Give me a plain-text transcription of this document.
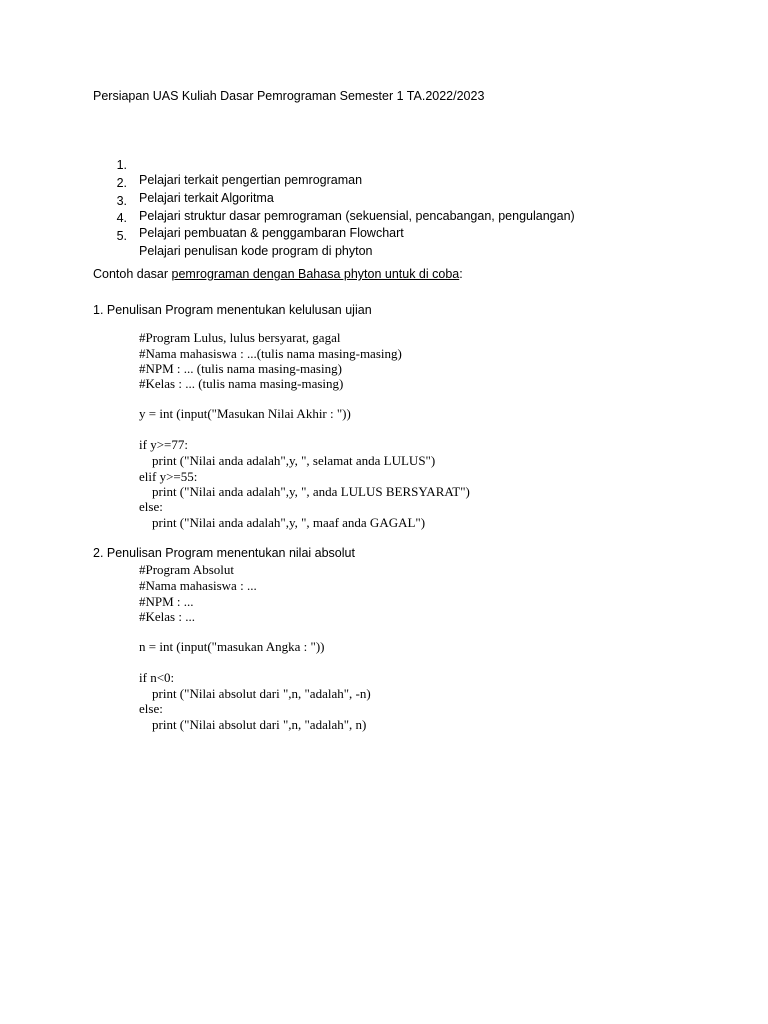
Persiapan UAS Kuliah Dasar Pemrograman Semester 1 TA.2022/2023

1.

Pelajari terkait pengertian pemrograman

2.

Pelajari terkait Algoritma

3.

Pelajari struktur dasar pemrograman (sekuensial, pencabangan, pengulangan)

4.

Pelajari pembuatan & penggambaran Flowchart

5.

Pelajari penulisan kode program di phyton

Contoh dasar pemrograman dengan Bahasa phyton untuk di coba:
1. Penulisan Program menentukan kelulusan ujian
#Program Lulus, lulus bersyarat, gagal
#Nama mahasiswa : ...(tulis nama masing-masing)
#NPM : ... (tulis nama masing-masing)
#Kelas : ... (tulis nama masing-masing)
y = int (input("Masukan Nilai Akhir : "))
if y>=77:
print ("Nilai anda adalah",y, ", selamat anda LULUS")
elif y>=55:
print ("Nilai anda adalah",y, ", anda LULUS BERSYARAT")
else:
print ("Nilai anda adalah",y, ", maaf anda GAGAL")
2. Penulisan Program menentukan nilai absolut
#Program Absolut
#Nama mahasiswa : ...
#NPM : ...
#Kelas : ...
n = int (input("masukan Angka : "))
if n<0:
print ("Nilai absolut dari ",n, "adalah", -n)
else:
print ("Nilai absolut dari ",n, "adalah", n)
